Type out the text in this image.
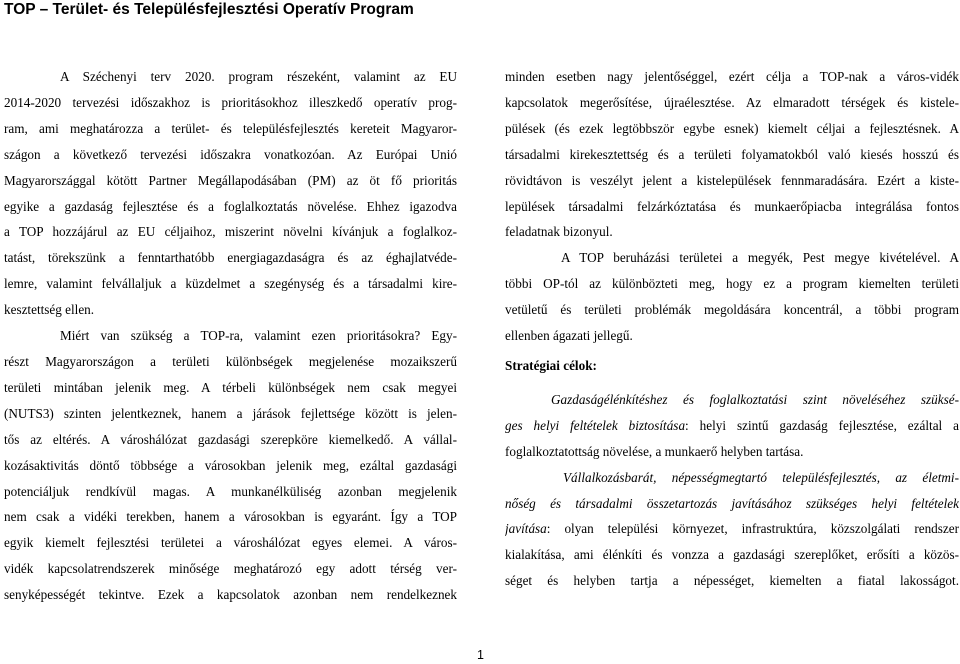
TOP – Terület- és Településfejlesztési Operatív Program
A Széchenyi terv 2020. program részeként, valamint az EU
2014-2020 tervezési időszakhoz is prioritásokhoz illeszkedő operatív prog-
ram, ami meghatározza a terület- és településfejlesztés kereteit Magyaror-
szágon a következő tervezési időszakra vonatkozóan. Az Európai Unió
Magyarországgal kötött Partner Megállapodásában (PM) az öt fő prioritás
egyike a gazdaság fejlesztése és a foglalkoztatás növelése. Ehhez igazodva
a TOP hozzájárul az EU céljaihoz, miszerint növelni kívánjuk a foglalkoz-
tatást, törekszünk a fenntarthatóbb energiagazdaságra és az éghajlatvéde-
lemre, valamint felvállaljuk a küzdelmet a szegénység és a társadalmi kire-
kesztettség ellen.
Miért van szükség a TOP-ra, valamint ezen prioritásokra? Egy-
részt Magyarországon a területi különbségek megjelenése mozaikszerű
területi mintában jelenik meg. A térbeli különbségek nem csak megyei
(NUTS3) szinten jelentkeznek, hanem a járások fejlettsége között is jelen-
tős az eltérés. A városhálózat gazdasági szerepköre kiemelkedő. A vállal-
kozásaktivitás döntő többsége a városokban jelenik meg, ezáltal gazdasági
potenciáljuk rendkívül magas. A munkanélküliség azonban megjelenik
nem csak a vidéki terekben, hanem a városokban is egyaránt. Így a TOP
egyik kiemelt fejlesztési területei a városhálózat egyes elemei. A város-
vidék kapcsolatrendszerek minősége meghatározó egy adott térség ver-
senyképességét tekintve. Ezek a kapcsolatok azonban nem rendelkeznek
minden esetben nagy jelentőséggel, ezért célja a TOP-nak a város-vidék
kapcsolatok megerősítése, újraélesztése. Az elmaradott térségek és kistele-
pülések (és ezek legtöbbször egybe esnek) kiemelt céljai a fejlesztésnek. A
társadalmi kirekesztettség és a területi folyamatokból való kiesés hosszú és
rövidtávon is veszélyt jelent a kistelepülések fennmaradására. Ezért a kiste-
lepülések társadalmi felzárkóztatása és munkaerőpiacba integrálása fontos
feladatnak bizonyul.
A TOP beruházási területei a megyék, Pest megye kivételével. A
többi OP-tól az különbözteti meg, hogy ez a program kiemelten területi
vetületű és területi problémák megoldására koncentrál, a többi program
ellenben ágazati jellegű.
Stratégiai célok:
Gazdaságélénkítéshez és foglalkoztatási szint növeléséhez szüksé-
ges helyi feltételek biztosítása: helyi szintű gazdaság fejlesztése, ezáltal a
foglalkoztatottság növelése, a munkaerő helyben tartása.
Vállalkozásbarát, népességmegtartó településfejlesztés, az életmi-
nőség és társadalmi összetartozás javításához szükséges helyi feltételek
javítása: olyan települési környezet, infrastruktúra, közszolgálati rendszer
kialakítása, ami élénkíti és vonzza a gazdasági szereplőket, erősíti a közös-
séget és helyben tartja a népességet, kiemelten a fiatal lakosságot.
1
